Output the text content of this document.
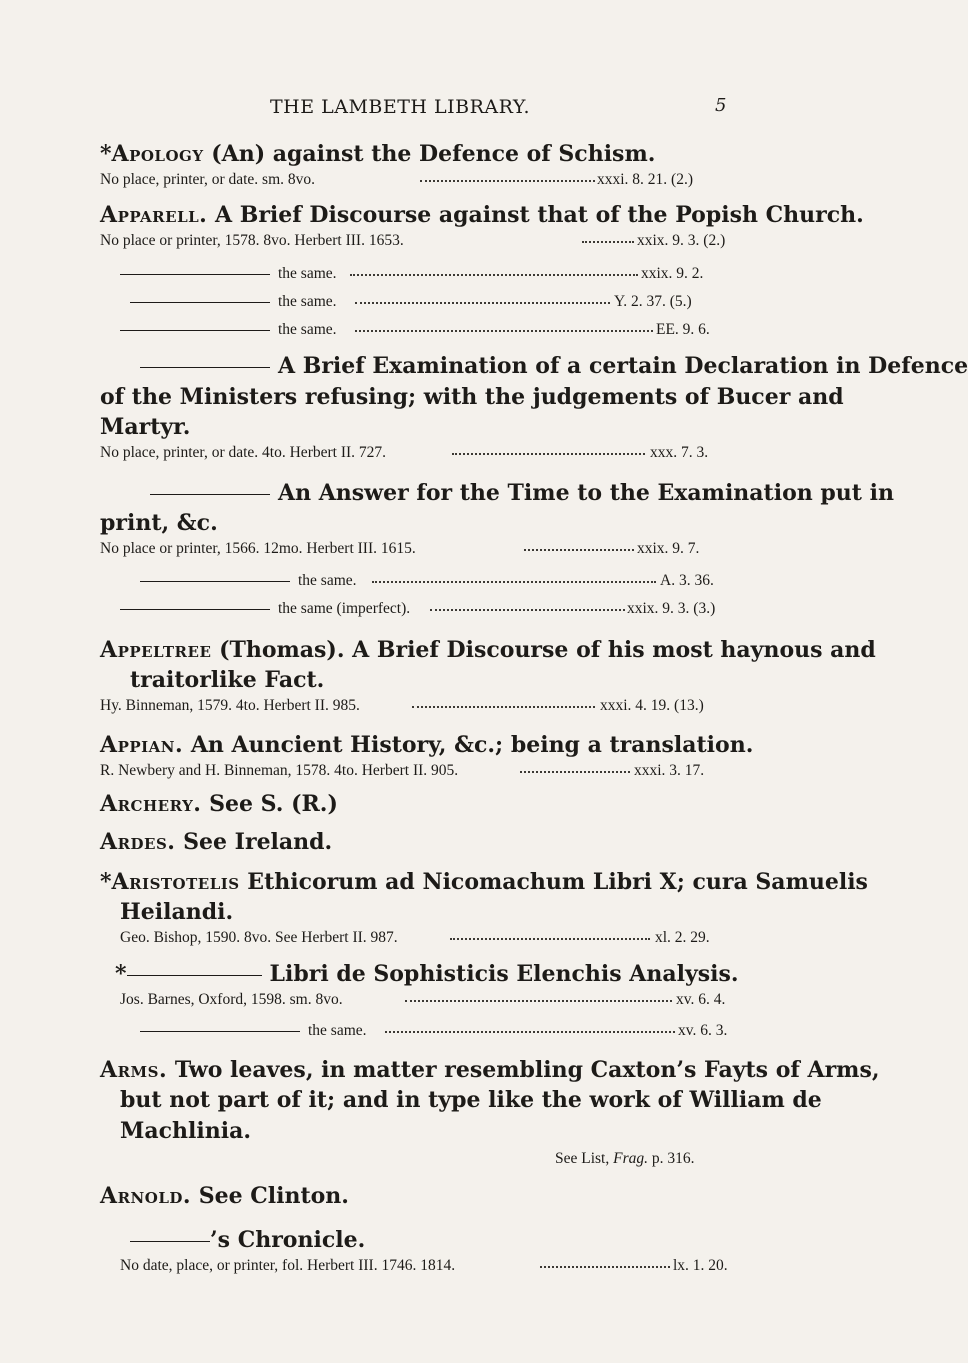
THE LAMBETH LIBRARY.	5
*Apology (An) against the Defence of Schism.
No place, printer, or date. sm. 8vo.	xxxi. 8. 21. (2.)
Apparell. A Brief Discourse against that of the Popish Church.
No place or printer, 1578. 8vo. Herbert III. 1653.	xxix. 9. 3. (2.)
the same.	xxix. 9. 2.
the same.	Y. 2. 37. (5.)
the same.	EE. 9. 6.
A Brief Examination of a certain Declaration in Defence
of the Ministers refusing; with the judgements of Bucer and
Martyr.
No place, printer, or date. 4to. Herbert II. 727.	xxx. 7. 3.
An Answer for the Time to the Examination put in
print, &c.
No place or printer, 1566. 12mo. Herbert III. 1615.	xxix. 9. 7.
the same.	A. 3. 36.
the same (imperfect).	xxix. 9. 3. (3.)
Appeltree (Thomas). A Brief Discourse of his most haynous and
traitorlike Fact.
Hy. Binneman, 1579. 4to. Herbert II. 985.	xxxi. 4. 19. (13.)
Appian. An Auncient History, &c.; being a translation.
R. Newbery and H. Binneman, 1578. 4to. Herbert II. 905.	xxxi. 3. 17.
Archery. See S. (R.)
Ardes. See Ireland.
*Aristotelis Ethicorum ad Nicomachum Libri X; cura Samuelis
Heilandi.
Geo. Bishop, 1590. 8vo. See Herbert II. 987.	xl. 2. 29.
*	Libri de Sophisticis Elenchis Analysis.
Jos. Barnes, Oxford, 1598. sm. 8vo.	xv. 6. 4.
the same.	xv. 6. 3.
Arms. Two leaves, in matter resembling Caxton’s Fayts of Arms,
but not part of it; and in type like the work of William de
Machlinia.
See List, Frag. p. 316.
Arnold. See Clinton.
’s Chronicle.
No date, place, or printer, fol. Herbert III. 1746. 1814.	lx. 1. 20.
